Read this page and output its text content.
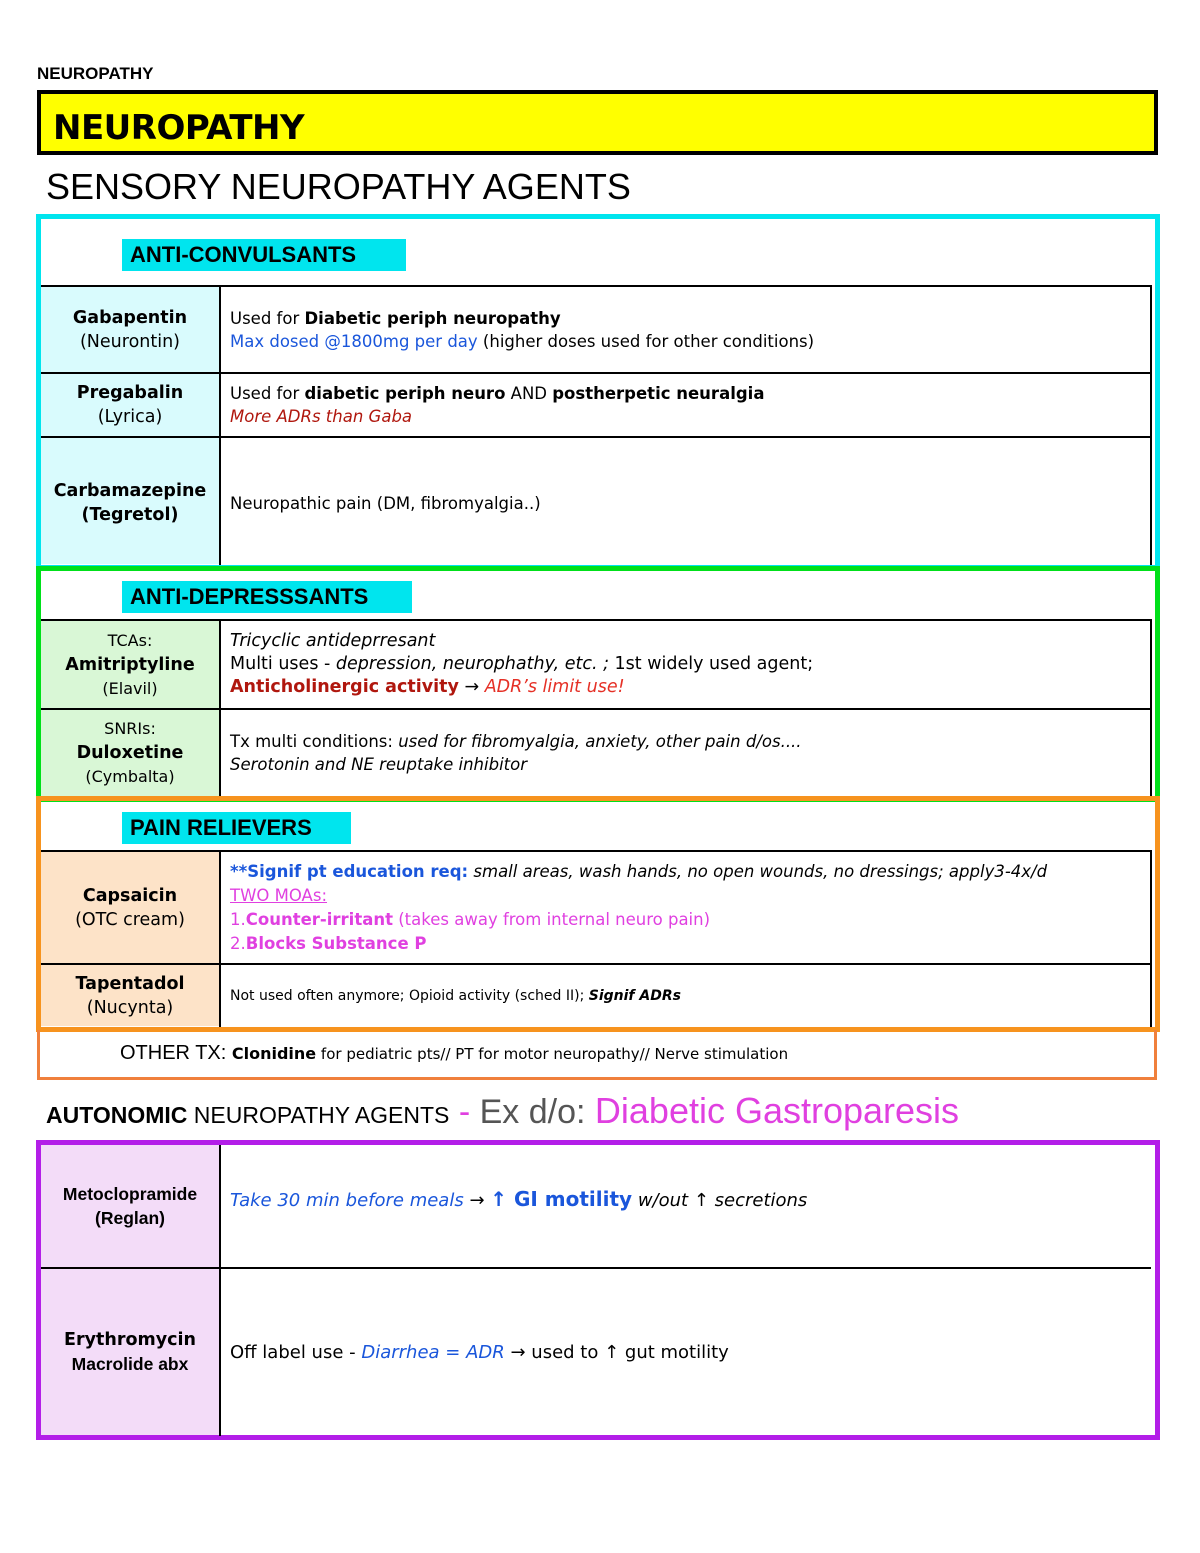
NEUROPATHY
NEUROPATHY
SENSORY NEUROPATHY AGENTS
ANTI-CONVULSANTS
Gabapentin
(Neurontin)
Used for Diabetic periph neuropathy
Max dosed @1800mg per day (higher doses used for other conditions)
Pregabalin
(Lyrica)
Used for diabetic periph neuro AND postherpetic neuralgia
More ADRs than Gaba
Carbamazepine
(Tegretol)
Neuropathic pain (DM, fibromyalgia..)
ANTI-DEPRESSSANTS
TCAs:
Amitriptyline
(Elavil)
Tricyclic antideprresant
Multi uses - depression, neurophathy, etc. ; 1st widely used agent;
Anticholinergic activity → ADR’s limit use!
SNRIs:
Duloxetine
(Cymbalta)
Tx multi conditions: used for fibromyalgia, anxiety, other pain d/os....
Serotonin and NE reuptake inhibitor
PAIN RELIEVERS
Capsaicin
(OTC cream)
**Signif pt education req: small areas, wash hands, no open wounds, no dressings; apply3-4x/d
TWO MOAs:
1.Counter-irritant (takes away from internal neuro pain)
2.Blocks Substance P
Tapentadol
(Nucynta)
Not used often anymore; Opioid activity (sched II); Signif ADRs
OTHER TX: Clonidine for pediatric pts// PT for motor neuropathy// Nerve stimulation
AUTONOMIC NEUROPATHY AGENTS - Ex d/o: Diabetic Gastroparesis
Metoclopramide
(Reglan)
Take 30 min before meals → ↑ GI motility w/out ↑ secretions
Erythromycin
Macrolide abx
Off label use - Diarrhea = ADR → used to ↑ gut motility
